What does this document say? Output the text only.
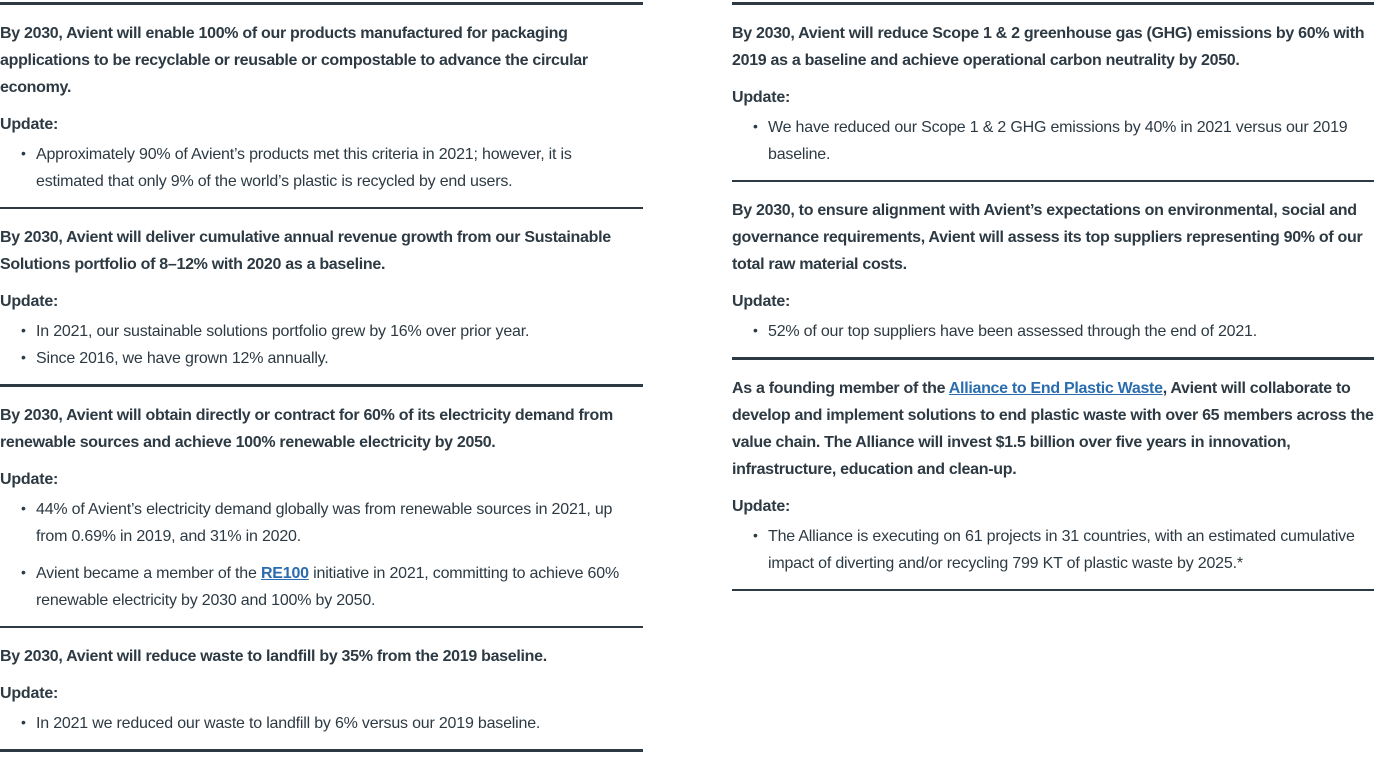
By 2030, Avient will enable 100% of our products manufactured for packaging applications to be recyclable or reusable or compostable to advance the circular economy.

Update:

• Approximately 90% of Avient’s products met this criteria in 2021; however, it is estimated that only 9% of the world’s plastic is recycled by end users.

By 2030, Avient will deliver cumulative annual revenue growth from our Sustainable Solutions portfolio of 8–12% with 2020 as a baseline.

Update:

• In 2021, our sustainable solutions portfolio grew by 16% over prior year.
• Since 2016, we have grown 12% annually.

By 2030, Avient will obtain directly or contract for 60% of its electricity demand from renewable sources and achieve 100% renewable electricity by 2050.

Update:

• 44% of Avient’s electricity demand globally was from renewable sources in 2021, up from 0.69% in 2019, and 31% in 2020.
• Avient became a member of the RE100 initiative in 2021, committing to achieve 60% renewable electricity by 2030 and 100% by 2050.

By 2030, Avient will reduce waste to landfill by 35% from the 2019 baseline.

Update:

• In 2021 we reduced our waste to landfill by 6% versus our 2019 baseline.

By 2030, Avient will reduce Scope 1 & 2 greenhouse gas (GHG) emissions by 60% with 2019 as a baseline and achieve operational carbon neutrality by 2050.

Update:

• We have reduced our Scope 1 & 2 GHG emissions by 40% in 2021 versus our 2019 baseline.

By 2030, to ensure alignment with Avient’s expectations on environmental, social and governance requirements, Avient will assess its top suppliers representing 90% of our total raw material costs.

Update:

• 52% of our top suppliers have been assessed through the end of 2021.

As a founding member of the Alliance to End Plastic Waste, Avient will collaborate to develop and implement solutions to end plastic waste with over 65 members across the value chain. The Alliance will invest $1.5 billion over five years in innovation, infrastructure, education and clean-up.

Update:

• The Alliance is executing on 61 projects in 31 countries, with an estimated cumulative impact of diverting and/or recycling 799 KT of plastic waste by 2025.*
